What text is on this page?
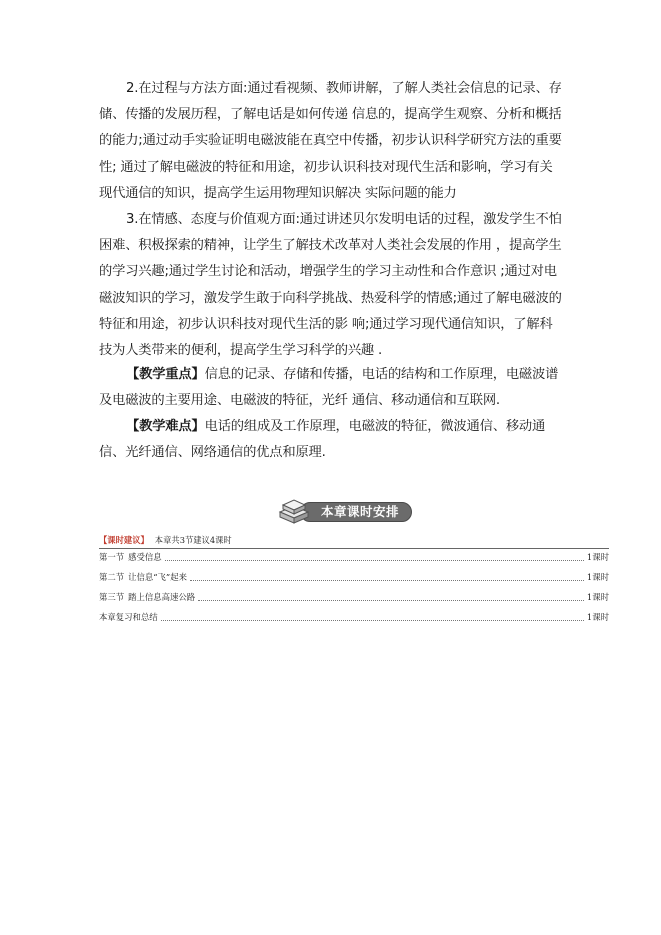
2.在过程与方法方面:通过看视频、教师讲解，了解人类社会信息的记录、存储、传播的发展历程，了解电话是如何传递 信息的，提高学生观察、分析和概括的能力;通过动手实验证明电磁波能在真空中传播，初步认识科学研究方法的重要性; 通过了解电磁波的特征和用途，初步认识科技对现代生活和影响，学习有关现代通信的知识，提高学生运用物理知识解决 实际问题的能力

3.在情感、态度与价值观方面:通过讲述贝尔发明电话的过程，激发学生不怕困难、积极探索的精神，让学生了解技术改革对人类社会发展的作用 ，提高学生的学习兴趣;通过学生讨论和活动，增强学生的学习主动性和合作意识 ;通过对电磁波知识的学习，激发学生敢于向科学挑战、热爱科学的情感;通过了解电磁波的特征和用途，初步认识科技对现代生活的影 响;通过学习现代通信知识，了解科技为人类带来的便利，提高学生学习科学的兴趣 .

【教学重点】信息的记录、存储和传播，电话的结构和工作原理，电磁波谱及电磁波的主要用途、电磁波的特征，光纤 通信、移动通信和互联网.

【教学难点】电话的组成及工作原理，电磁波的特征，微波通信、移动通信、光纤通信、网络通信的优点和原理.

本章课时安排
【课时建议】 本章共3节建议4课时
第一节 感受信息	1课时
第二节 让信息“飞”起来	1课时
第三节 踏上信息高速公路	1课时
本章复习和总结	1课时
